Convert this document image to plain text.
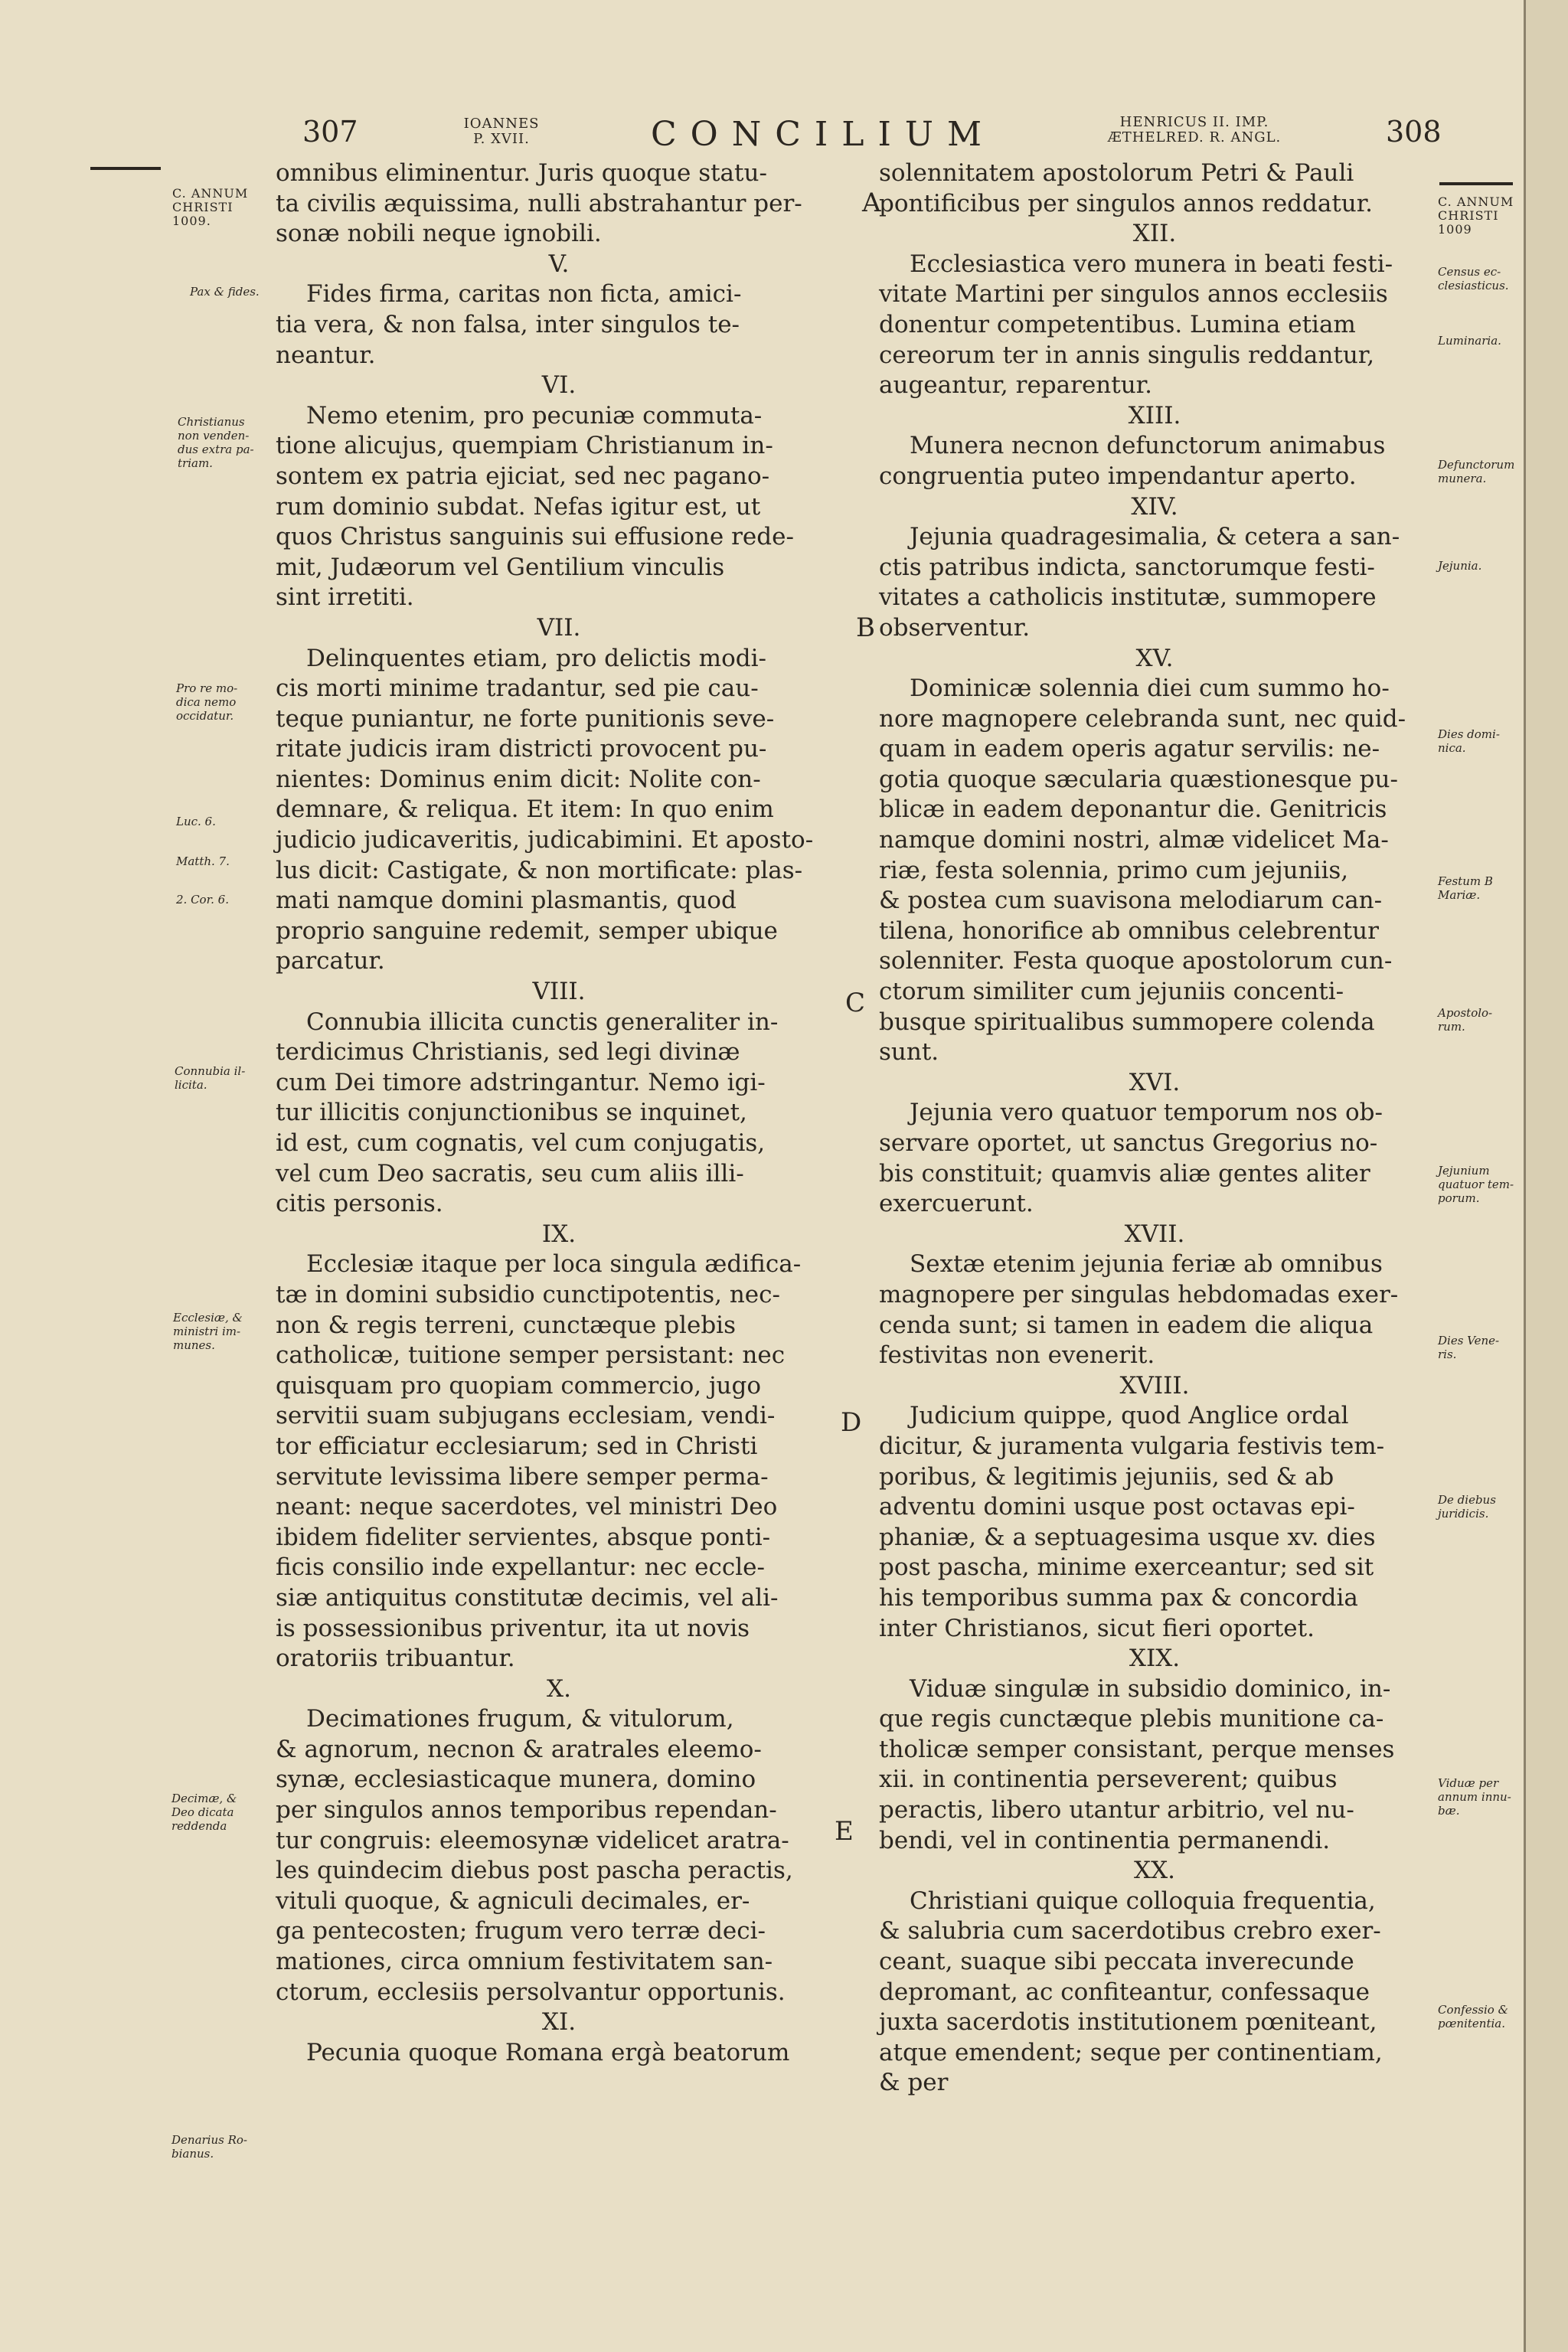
307	IOANNES
P. XVII.	CONCILIUM	HENRICUS II. IMP.
ÆTHELRED. R. ANGL.	308
C. ANNUM
CHRISTI
1009.
Pax & fides.
Christianus
non venden-
dus extra pa-
triam.
Pro re mo-
dica nemo
occidatur.
Luc. 6.
Matth. 7.
2. Cor. 6.
Connubia il-
licita.
Ecclesiæ, &
ministri im-
munes.
Decimæ, &
Deo dicata
reddenda
Denarius Ro-
bianus.
C. ANNUM
CHRISTI
1009
Census ec-
clesiasticus.
Luminaria.
Defunctorum
munera.
Jejunia.
Dies domi-
nica.
Festum B
Mariæ.
Apostolo-
rum.
Jejunium
quatuor tem-
porum.
Dies Vene-
ris.
De diebus
juridicis.
Viduæ per
annum innu-
bæ.
Confessio &
pœnitentia.
A
B
C
D
E
omnibus eliminentur. Juris quoque statu-
ta civilis æquissima, nulli abstrahantur per-
sonæ nobili neque ignobili.
V.
Fides firma, caritas non ficta, amici-
tia vera, & non falsa, inter singulos te-
neantur.
VI.
Nemo etenim, pro pecuniæ commuta-
tione alicujus, quempiam Christianum in-
sontem ex patria ejiciat, sed nec pagano-
rum dominio subdat. Nefas igitur est, ut
quos Christus sanguinis sui effusione rede-
mit, Judæorum vel Gentilium vinculis
sint irretiti.
VII.
Delinquentes etiam, pro delictis modi-
cis morti minime tradantur, sed pie cau-
teque puniantur, ne forte punitionis seve-
ritate judicis iram districti provocent pu-
nientes: Dominus enim dicit: Nolite con-
demnare, & reliqua. Et item: In quo enim
judicio judicaveritis, judicabimini. Et aposto-
lus dicit: Castigate, & non mortificate: plas-
mati namque domini plasmantis, quod
proprio sanguine redemit, semper ubique
parcatur.
VIII.
Connubia illicita cunctis generaliter in-
terdicimus Christianis, sed legi divinæ
cum Dei timore adstringantur. Nemo igi-
tur illicitis conjunctionibus se inquinet,
id est, cum cognatis, vel cum conjugatis,
vel cum Deo sacratis, seu cum aliis illi-
citis personis.
IX.
Ecclesiæ itaque per loca singula ædifica-
tæ in domini subsidio cunctipotentis, nec-
non & regis terreni, cunctæque plebis
catholicæ, tuitione semper persistant: nec
quisquam pro quopiam commercio, jugo
servitii suam subjugans ecclesiam, vendi-
tor efficiatur ecclesiarum; sed in Christi
servitute levissima libere semper perma-
neant: neque sacerdotes, vel ministri Deo
ibidem fideliter servientes, absque ponti-
ficis consilio inde expellantur: nec eccle-
siæ antiquitus constitutæ decimis, vel ali-
is possessionibus priventur, ita ut novis
oratoriis tribuantur.
X.
Decimationes frugum, & vitulorum,
& agnorum, necnon & aratrales eleemo-
synæ, ecclesiasticaque munera, domino
per singulos annos temporibus rependan-
tur congruis: eleemosynæ videlicet aratra-
les quindecim diebus post pascha peractis,
vituli quoque, & agniculi decimales, er-
ga pentecosten; frugum vero terræ deci-
mationes, circa omnium festivitatem san-
ctorum, ecclesiis persolvantur opportunis.
XI.
Pecunia quoque Romana ergà beatorum
solennitatem apostolorum Petri & Pauli
pontificibus per singulos annos reddatur.
XII.
Ecclesiastica vero munera in beati festi-
vitate Martini per singulos annos ecclesiis
donentur competentibus. Lumina etiam
cereorum ter in annis singulis reddantur,
augeantur, reparentur.
XIII.
Munera necnon defunctorum animabus
congruentia puteo impendantur aperto.
XIV.
Jejunia quadragesimalia, & cetera a san-
ctis patribus indicta, sanctorumque festi-
vitates a catholicis institutæ, summopere
observentur.
XV.
Dominicæ solennia diei cum summo ho-
nore magnopere celebranda sunt, nec quid-
quam in eadem operis agatur servilis: ne-
gotia quoque sæcularia quæstionesque pu-
blicæ in eadem deponantur die. Genitricis
namque domini nostri, almæ videlicet Ma-
riæ, festa solennia, primo cum jejuniis,
& postea cum suavisona melodiarum can-
tilena, honorifice ab omnibus celebrentur
solenniter. Festa quoque apostolorum cun-
ctorum similiter cum jejuniis concenti-
busque spiritualibus summopere colenda
sunt.
XVI.
Jejunia vero quatuor temporum nos ob-
servare oportet, ut sanctus Gregorius no-
bis constituit; quamvis aliæ gentes aliter
exercuerunt.
XVII.
Sextæ etenim jejunia feriæ ab omnibus
magnopere per singulas hebdomadas exer-
cenda sunt; si tamen in eadem die aliqua
festivitas non evenerit.
XVIII.
Judicium quippe, quod Anglice ordal
dicitur, & juramenta vulgaria festivis tem-
poribus, & legitimis jejuniis, sed & ab
adventu domini usque post octavas epi-
phaniæ, & a septuagesima usque xv. dies
post pascha, minime exerceantur; sed sit
his temporibus summa pax & concordia
inter Christianos, sicut fieri oportet.
XIX.
Viduæ singulæ in subsidio dominico, in-
que regis cunctæque plebis munitione ca-
tholicæ semper consistant, perque menses
xii. in continentia perseverent; quibus
peractis, libero utantur arbitrio, vel nu-
bendi, vel in continentia permanendi.
XX.
Christiani quique colloquia frequentia,
& salubria cum sacerdotibus crebro exer-
ceant, suaque sibi peccata inverecunde
depromant, ac confiteantur, confessaque
juxta sacerdotis institutionem pœniteant,
atque emendent; seque per continentiam,
& per
